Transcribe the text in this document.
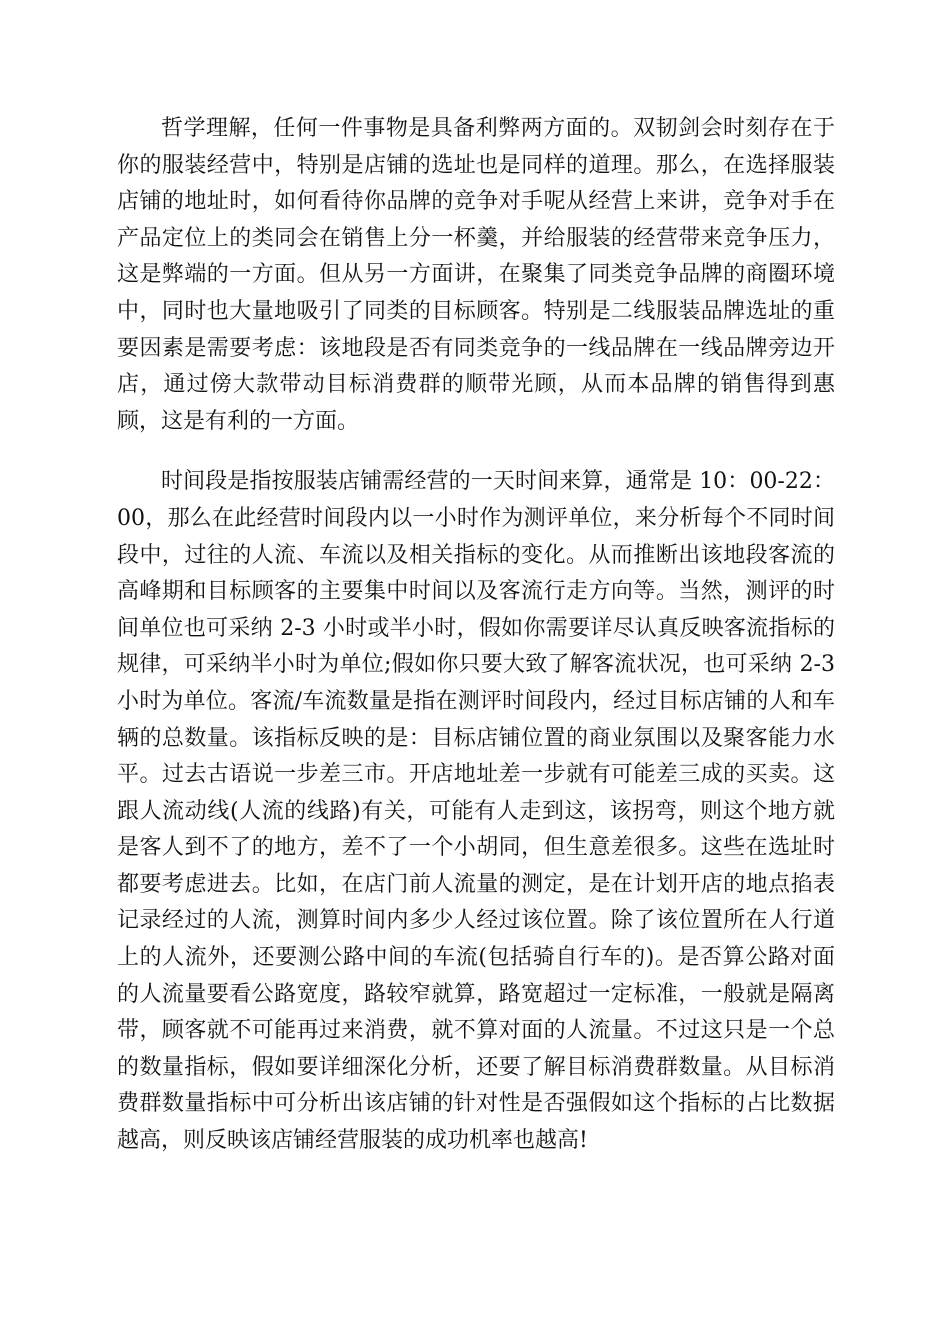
哲学理解，任何一件事物是具备利弊两方面的。双韧剑会时刻存在于你的服装经营中，特别是店铺的选址也是同样的道理。那么，在选择服装店铺的地址时，如何看待你品牌的竞争对手呢从经营上来讲，竞争对手在产品定位上的类同会在销售上分一杯羹，并给服装的经营带来竞争压力，这是弊端的一方面。但从另一方面讲，在聚集了同类竞争品牌的商圈环境中，同时也大量地吸引了同类的目标顾客。特别是二线服装品牌选址的重要因素是需要考虑：该地段是否有同类竞争的一线品牌在一线品牌旁边开店，通过傍大款带动目标消费群的顺带光顾，从而本品牌的销售得到惠顾，这是有利的一方面。

时间段是指按服装店铺需经营的一天时间来算，通常是 10：00-22：00，那么在此经营时间段内以一小时作为测评单位，来分析每个不同时间段中，过往的人流、车流以及相关指标的变化。从而推断出该地段客流的高峰期和目标顾客的主要集中时间以及客流行走方向等。当然，测评的时间单位也可采纳 2-3 小时或半小时，假如你需要详尽认真反映客流指标的规律，可采纳半小时为单位;假如你只要大致了解客流状况，也可采纳 2-3 小时为单位。客流/车流数量是指在测评时间段内，经过目标店铺的人和车辆的总数量。该指标反映的是：目标店铺位置的商业氛围以及聚客能力水平。过去古语说一步差三市。开店地址差一步就有可能差三成的买卖。这跟人流动线(人流的线路)有关，可能有人走到这，该拐弯，则这个地方就是客人到不了的地方，差不了一个小胡同，但生意差很多。这些在选址时都要考虑进去。比如，在店门前人流量的测定，是在计划开店的地点掐表记录经过的人流，测算时间内多少人经过该位置。除了该位置所在人行道上的人流外，还要测公路中间的车流(包括骑自行车的)。是否算公路对面的人流量要看公路宽度，路较窄就算，路宽超过一定标准，一般就是隔离带，顾客就不可能再过来消费，就不算对面的人流量。不过这只是一个总的数量指标，假如要详细深化分析，还要了解目标消费群数量。从目标消费群数量指标中可分析出该店铺的针对性是否强假如这个指标的占比数据越高，则反映该店铺经营服装的成功机率也越高!
